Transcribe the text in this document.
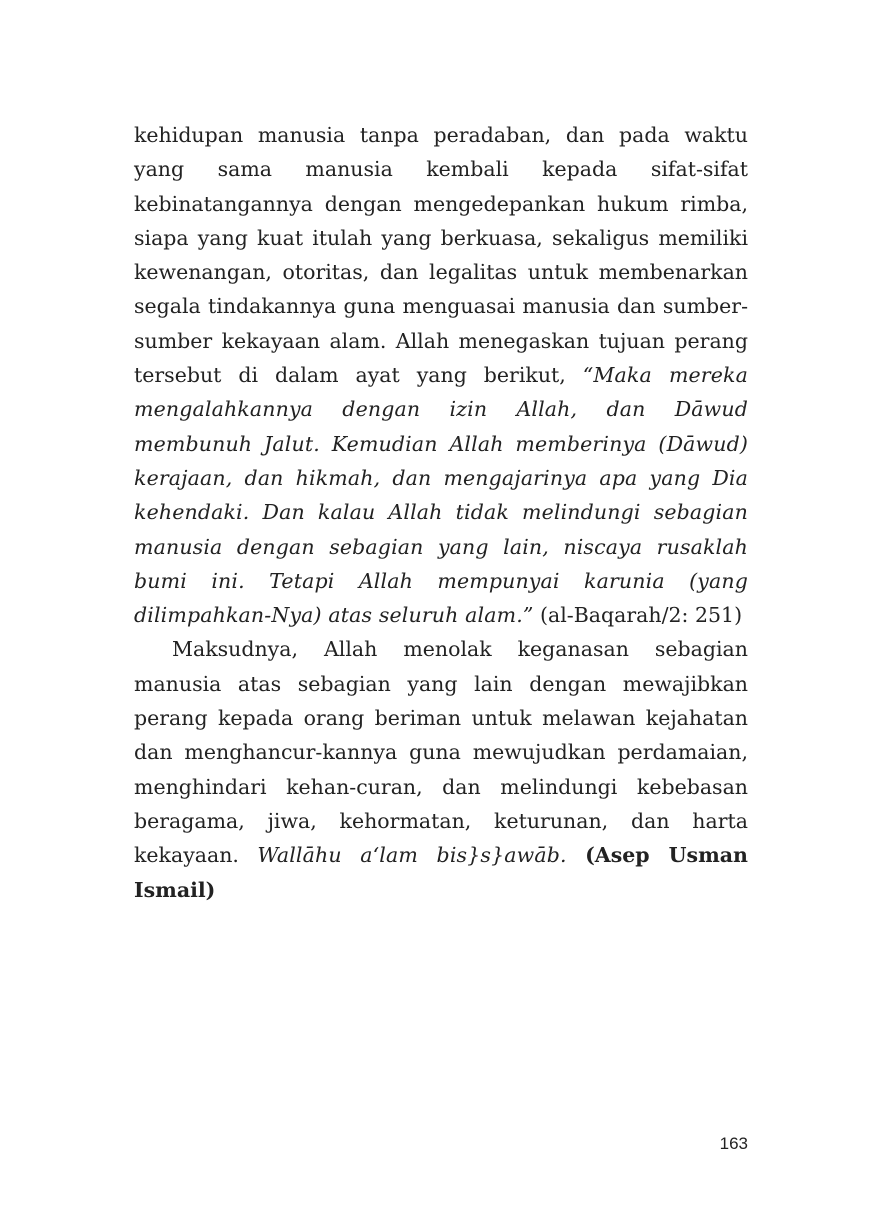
kehidupan manusia tanpa peradaban, dan pada waktu yang sama manusia kembali kepada sifat-sifat kebinatangannya dengan mengedepankan hukum rimba, siapa yang kuat itulah yang berkuasa, sekaligus memiliki kewenangan, otoritas, dan legalitas untuk membenarkan segala tindakannya guna menguasai manusia dan sumber-sumber kekayaan alam. Allah menegaskan tujuan perang tersebut di dalam ayat yang berikut, “Maka mereka mengalahkannya dengan izin Allah, dan Dāwud membunuh Jalut. Kemudian Allah memberinya (Dāwud) kerajaan, dan hikmah, dan mengajarinya apa yang Dia kehendaki. Dan kalau Allah tidak melindungi sebagian manusia dengan sebagian yang lain, niscaya rusaklah bumi ini. Tetapi Allah mempunyai karunia (yang dilimpahkan-Nya) atas seluruh alam.” (al-Baqarah/2: 251)

Maksudnya, Allah menolak keganasan sebagian manusia atas sebagian yang lain dengan mewajibkan perang kepada orang beriman untuk melawan kejahatan dan menghancur-kannya guna mewujudkan perdamaian, menghindari kehan-curan, dan melindungi kebebasan beragama, jiwa, kehormatan, keturunan, dan harta kekayaan. Wallāhu a‘lam bis}s}awāb. (Asep Usman Ismail)

163
